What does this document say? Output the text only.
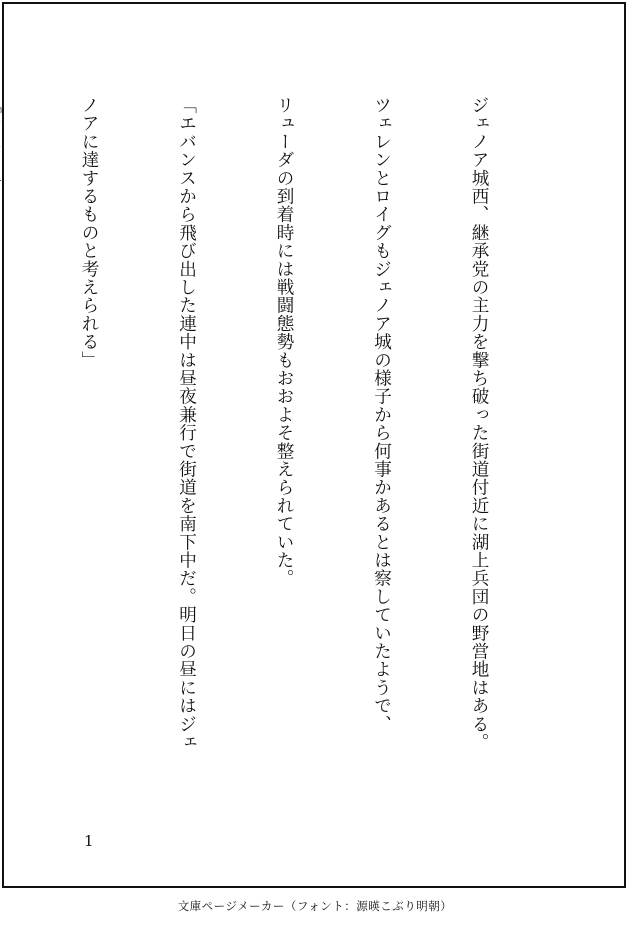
ジェノア城西、継承党の主力を撃ち破った街道付近に湖上兵団の野営地はある。

ツェレンとロイグもジェノア城の様子から何事かあるとは察していたようで、

リューダの到着時には戦闘態勢もおおよそ整えられていた。

「エバンスから飛び出した連中は昼夜兼行で街道を南下中だ。明日の昼にはジェ

ノアに達するものと考えられる」

1
文庫ページメーカー（フォント：源暎こぶり明朝）
